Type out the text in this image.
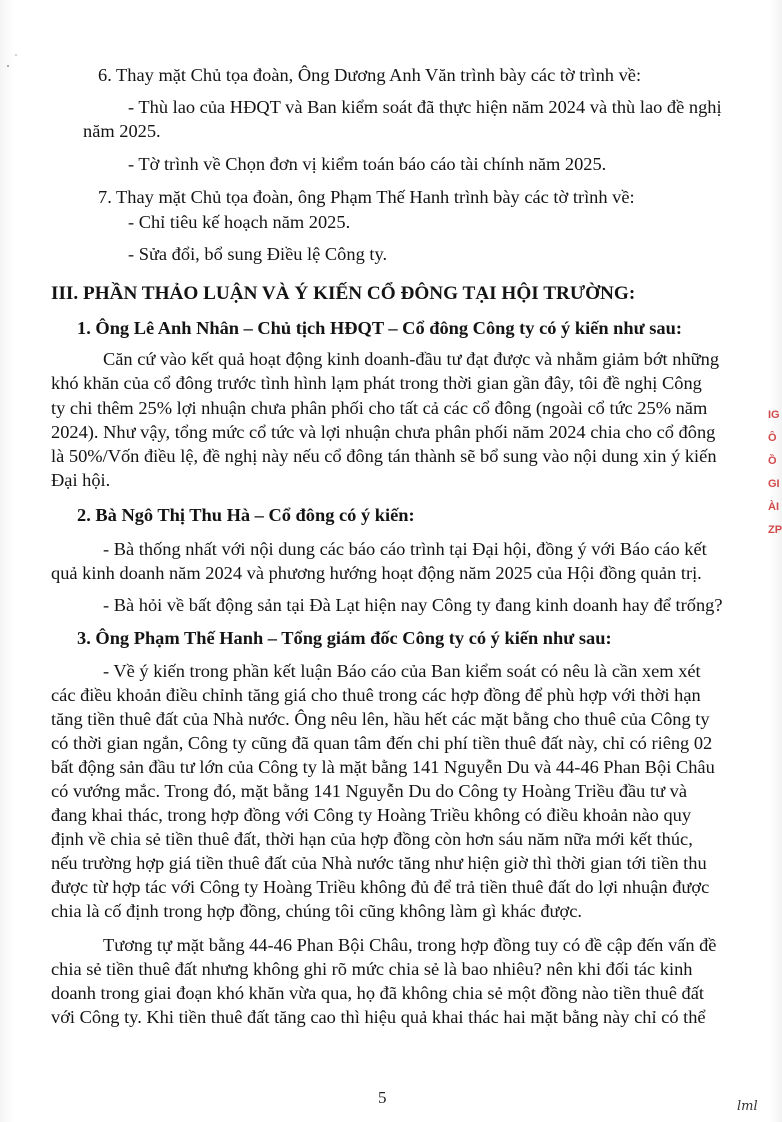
6. Thay mặt Chủ tọa đoàn, Ông Dương Anh Văn trình bày các tờ trình về:
- Thù lao của HĐQT và Ban kiểm soát đã thực hiện năm 2024 và thù lao đề nghị
năm 2025.
- Tờ trình về Chọn đơn vị kiểm toán báo cáo tài chính năm 2025.
7. Thay mặt Chủ tọa đoàn, ông Phạm Thế Hanh trình bày các tờ trình về:
- Chỉ tiêu kế hoạch năm 2025.
- Sửa đổi, bổ sung Điều lệ Công ty.
III. PHẦN THẢO LUẬN VÀ Ý KIẾN CỔ ĐÔNG TẠI HỘI TRƯỜNG:
1. Ông Lê Anh Nhân – Chủ tịch HĐQT – Cổ đông Công ty có ý kiến như sau:
Căn cứ vào kết quả hoạt động kinh doanh-đầu tư đạt được và nhằm giảm bớt những
khó khăn của cổ đông trước tình hình lạm phát trong thời gian gần đây, tôi đề nghị Công
ty chi thêm 25% lợi nhuận chưa phân phối cho tất cả các cổ đông (ngoài cổ tức 25% năm
2024). Như vậy, tổng mức cổ tức và lợi nhuận chưa phân phối năm 2024 chia cho cổ đông
là 50%/Vốn điều lệ, đề nghị này nếu cổ đông tán thành sẽ bổ sung vào nội dung xin ý kiến
Đại hội.
2. Bà Ngô Thị Thu Hà – Cổ đông có ý kiến:
- Bà thống nhất với nội dung các báo cáo trình tại Đại hội, đồng ý với Báo cáo kết
quả kinh doanh năm 2024 và phương hướng hoạt động năm 2025 của Hội đồng quản trị.
- Bà hỏi về bất động sản tại Đà Lạt hiện nay Công ty đang kinh doanh hay để trống?
3. Ông Phạm Thế Hanh – Tổng giám đốc Công ty có ý kiến như sau:
- Về ý kiến trong phần kết luận Báo cáo của Ban kiểm soát có nêu là cần xem xét
các điều khoản điều chỉnh tăng giá cho thuê trong các hợp đồng để phù hợp với thời hạn
tăng tiền thuê đất của Nhà nước. Ông nêu lên, hầu hết các mặt bằng cho thuê của Công ty
có thời gian ngắn, Công ty cũng đã quan tâm đến chi phí tiền thuê đất này, chỉ có riêng 02
bất động sản đầu tư lớn của Công ty là mặt bằng 141 Nguyễn Du và 44-46 Phan Bội Châu
có vướng mắc. Trong đó, mặt bằng 141 Nguyễn Du do Công ty Hoàng Triều đầu tư và
đang khai thác, trong hợp đồng với Công ty Hoàng Triều không có điều khoản nào quy
định về chia sẻ tiền thuê đất, thời hạn của hợp đồng còn hơn sáu năm nữa mới kết thúc,
nếu trường hợp giá tiền thuê đất của Nhà nước tăng như hiện giờ thì thời gian tới tiền thu
được từ hợp tác với Công ty Hoàng Triều không đủ để trả tiền thuê đất do lợi nhuận được
chia là cố định trong hợp đồng, chúng tôi cũng không làm gì khác được.
Tương tự mặt bằng 44-46 Phan Bội Châu, trong hợp đồng tuy có đề cập đến vấn đề
chia sẻ tiền thuê đất nhưng không ghi rõ mức chia sẻ là bao nhiêu? nên khi đối tác kinh
doanh trong giai đoạn khó khăn vừa qua, họ đã không chia sẻ một đồng nào tiền thuê đất
với Công ty. Khi tiền thuê đất tăng cao thì hiệu quả khai thác hai mặt bằng này chỉ có thể
5
IG
Ô
Ồ
GI
ÀI
ZP
lml
